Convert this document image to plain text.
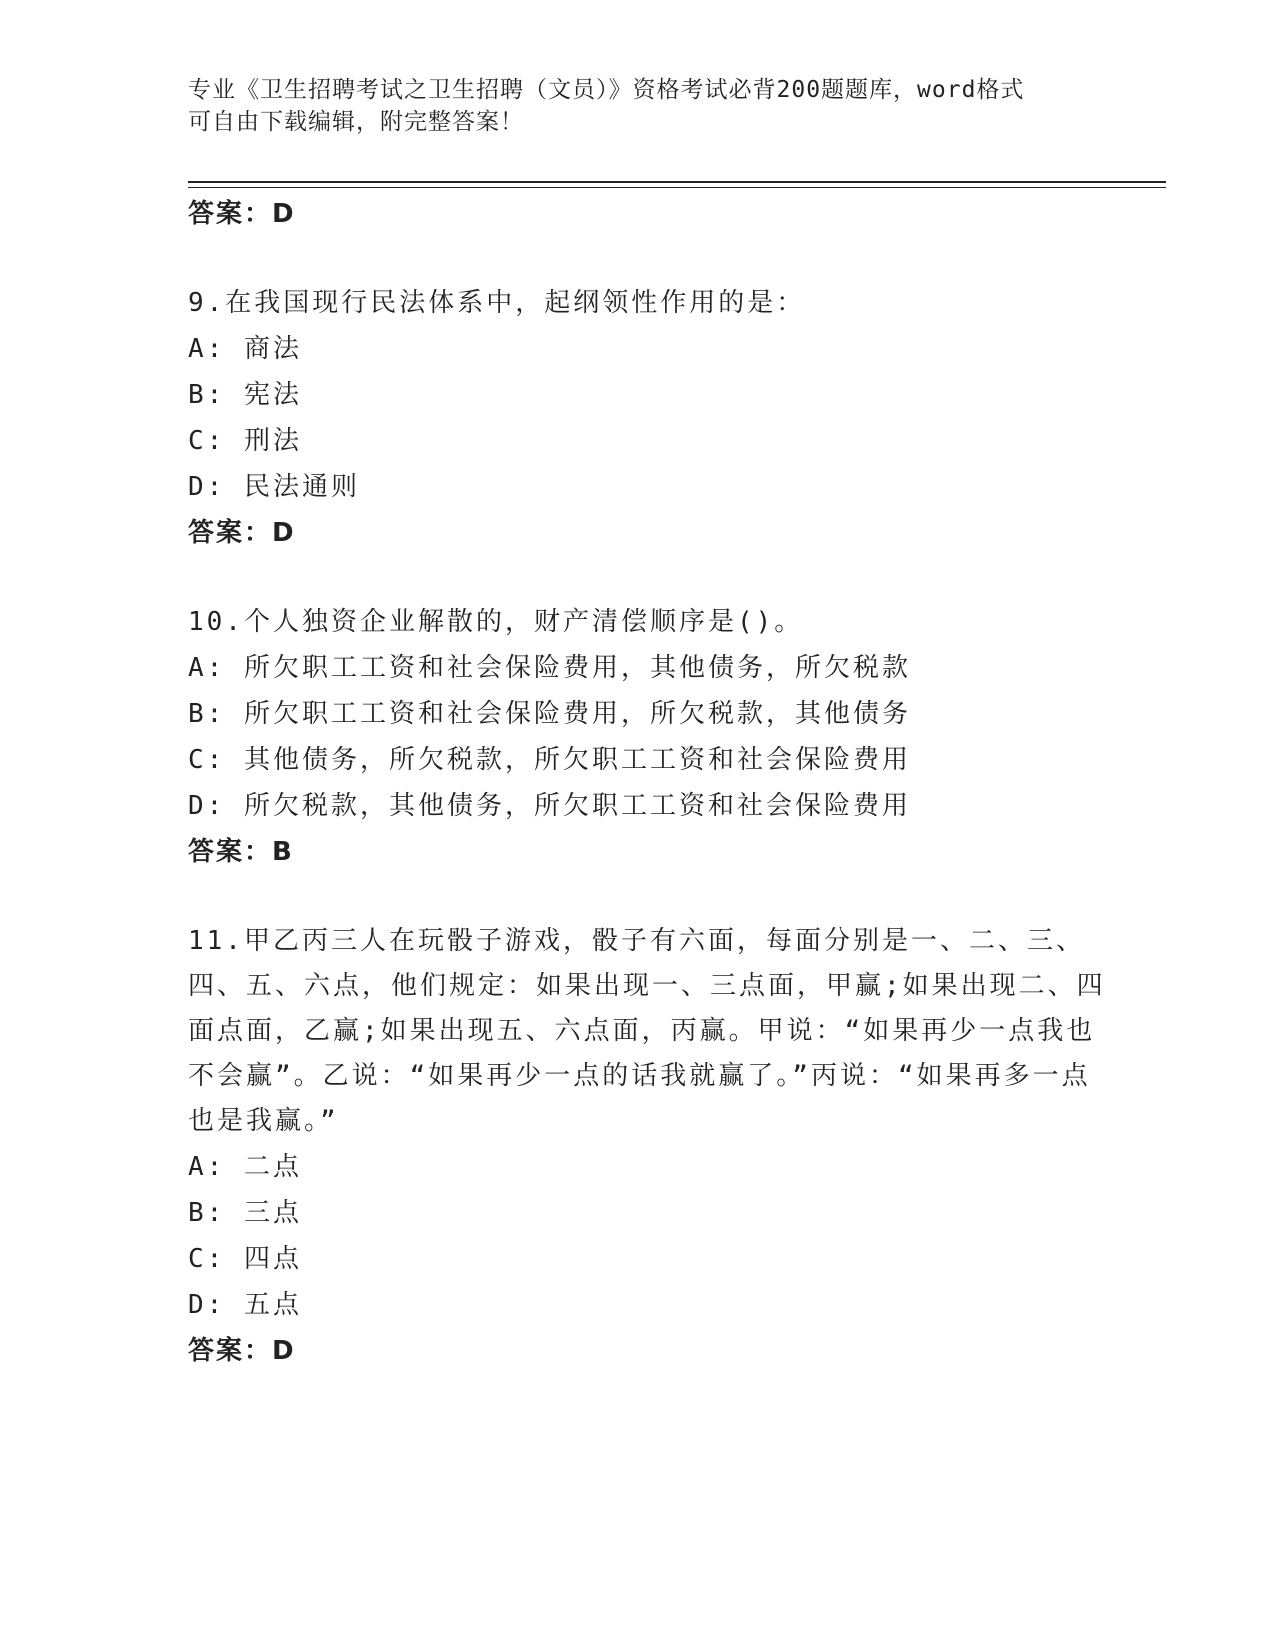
专业《卫生招聘考试之卫生招聘（文员）》资格考试必背200题题库，word格式
可自由下载编辑，附完整答案！
答案：D
9.在我国现行民法体系中，起纲领性作用的是：
A: 商法
B: 宪法
C: 刑法
D: 民法通则
答案：D
10.个人独资企业解散的，财产清偿顺序是()。
A: 所欠职工工资和社会保险费用，其他债务，所欠税款
B: 所欠职工工资和社会保险费用，所欠税款，其他债务
C: 其他债务，所欠税款，所欠职工工资和社会保险费用
D: 所欠税款，其他债务，所欠职工工资和社会保险费用
答案：B
11.甲乙丙三人在玩骰子游戏，骰子有六面，每面分别是一、二、三、四、五、六点，他们规定：如果出现一、三点面，甲赢;如果出现二、四面点面，乙赢;如果出现五、六点面，丙赢。甲说：“如果再少一点我也不会赢”。乙说：“如果再少一点的话我就赢了。”丙说：“如果再多一点也是我赢。”
A: 二点
B: 三点
C: 四点
D: 五点
答案：D
